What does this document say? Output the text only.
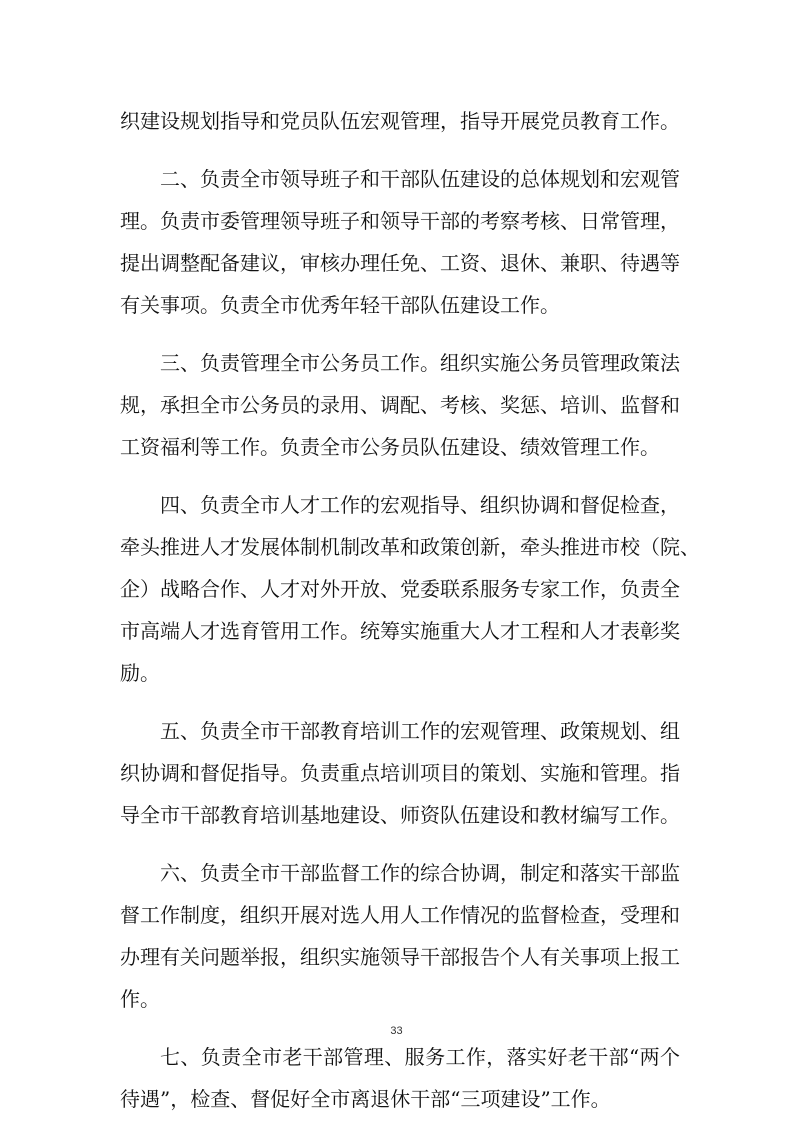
织建设规划指导和党员队伍宏观管理，指导开展党员教育工作。
二、负责全市领导班子和干部队伍建设的总体规划和宏观管
理。负责市委管理领导班子和领导干部的考察考核、日常管理，
提出调整配备建议，审核办理任免、工资、退休、兼职、待遇等
有关事项。负责全市优秀年轻干部队伍建设工作。
三、负责管理全市公务员工作。组织实施公务员管理政策法
规，承担全市公务员的录用、调配、考核、奖惩、培训、监督和
工资福利等工作。负责全市公务员队伍建设、绩效管理工作。
四、负责全市人才工作的宏观指导、组织协调和督促检查，
牵头推进人才发展体制机制改革和政策创新，牵头推进市校（院、
企）战略合作、人才对外开放、党委联系服务专家工作，负责全
市高端人才选育管用工作。统筹实施重大人才工程和人才表彰奖
励。
五、负责全市干部教育培训工作的宏观管理、政策规划、组
织协调和督促指导。负责重点培训项目的策划、实施和管理。指
导全市干部教育培训基地建设、师资队伍建设和教材编写工作。
六、负责全市干部监督工作的综合协调，制定和落实干部监
督工作制度，组织开展对选人用人工作情况的监督检查，受理和
办理有关问题举报，组织实施领导干部报告个人有关事项上报工
作。
七、负责全市老干部管理、服务工作，落实好老干部“两个
待遇”，检查、督促好全市离退休干部“三项建设”工作。
33
